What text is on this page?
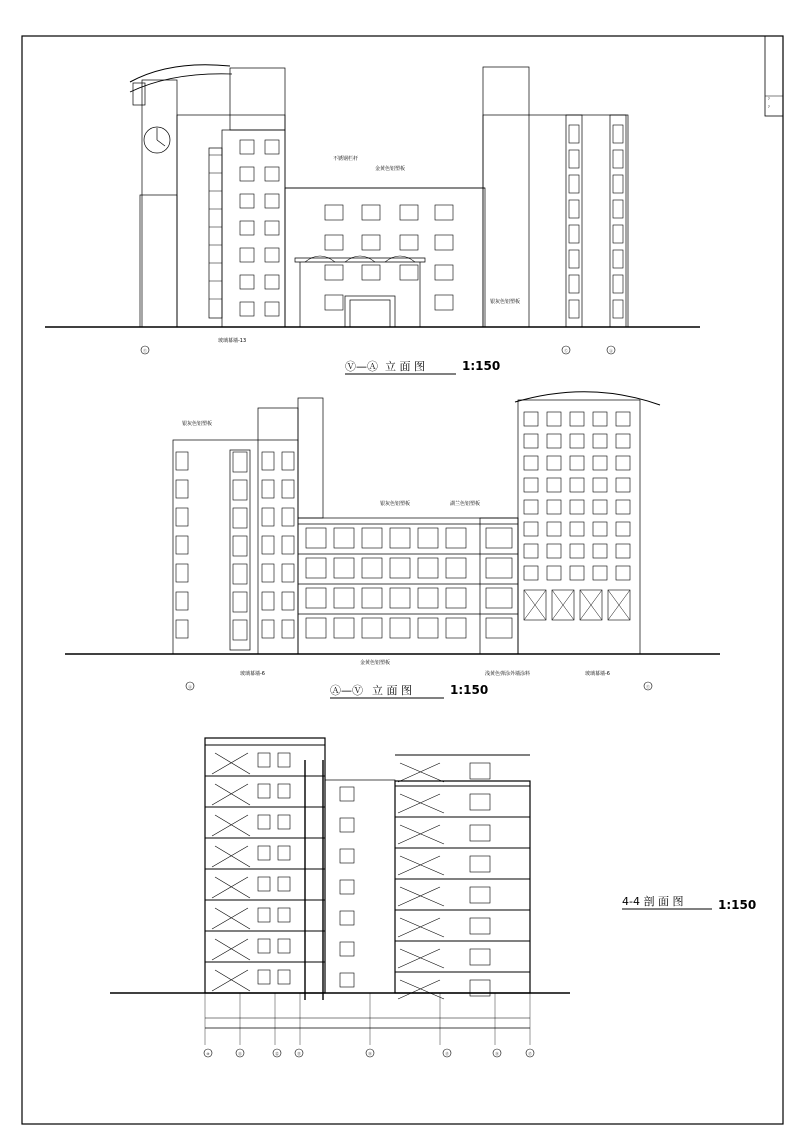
?
?
不锈钢栏杆
金黄色铝塑板
银灰色铝塑板
玻璃幕墙-13
Ⓥ	Ⓒ	Ⓐ
Ⓥ—Ⓐ 立 面 图	1:150
银灰色铝塑板
银灰色铝塑板	湖兰色铝塑板
金黄色铝塑板
玻璃幕墙-6	玻璃幕墙-6
浅黄色弹涂外墙涂料
Ⓐ	Ⓥ
Ⓐ—Ⓥ 立 面 图	1:150
⑩	⑪	⑫	⑬	⑭	⑮	⑯	⑰
4-4 剖 面 图	1:150
